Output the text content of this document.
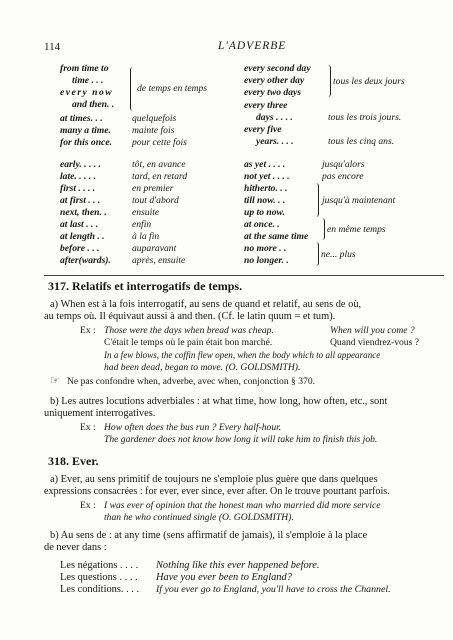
114	L'ADVERBE
from time to
time . . .
every now
and then. .
de temps en temps
at times. . .	quelquefois
many a time. mainte fois
for this once. pour cette fois
every second day
every other day
every two days
tous les deux jours
every three
days . . . .	tous les trois jours.
every five
years. . . .	tous les cinq ans.
early. . . . .	tôt, en avance
late. . . . .	tard, en retard
first . . . .	en premier
at first . . .	tout d'abord
next, then. .	ensuite
at last . . .	enfin
at length . .	à la fin
before . . .	auparavant
after(wards). après, ensuite
as yet . . . .	jusqu'alors
not yet . . . .	pas encore
hitherto. . .
till now. . .
up to now.
jusqu'à maintenant
at once. .
at the same time
en même temps
no more . .
no longer. .
ne... plus
317. Relatifs et interrogatifs de temps.
a) When est à la fois interrogatif, au sens de quand et relatif, au sens de où,
au temps où. Il équivaut aussi à and then. (Cf. le latin quum = et tum).
Ex : Those were the days when bread was cheap.	When will you come ?
C'était le temps où le pain était bon marché.	Quand viendrez-vous ?
In a few blows, the coffin flew open, when the body which to all appearance
had been dead, began to move. (O. GOLDSMITH).
☞ Ne pas confondre when, adverbe, avec when, conjonction § 370.
b) Les autres locutions adverbiales : at what time, how long, how often, etc., sont
uniquement interrogatives.
Ex : How often does the bus run ? Every half-hour.
The gardener does not know how long it will take him to finish this job.
318. Ever.
a) Ever, au sens primitif de toujours ne s'emploie plus guère que dans quelques
expressions consacrées : for ever, ever since, ever after. On le trouve pourtant parfois.
Ex : I was ever of opinion that the honest man who married did more service
than he who continued single (O. GOLDSMITH).
b) Au sens de : at any time (sens affirmatif de jamais), il s'emploie à la place
de never dans :
Les négations . . . . Nothing like this ever happened before.
Les questions . . . . Have you ever been to England?
Les conditions. . . . If you ever go to England, you'll have to cross the Channel.
